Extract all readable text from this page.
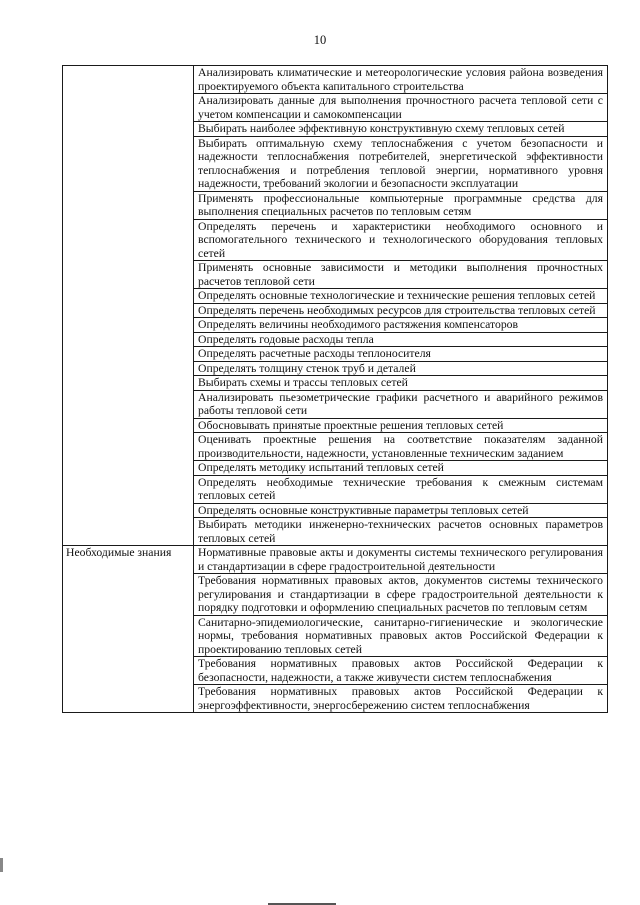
10
	Анализировать климатические и метеорологические условия района возведения проектируемого объекта капитального строительства
	Анализировать данные для выполнения прочностного расчета тепловой сети с учетом компенсации и самокомпенсации
	Выбирать наиболее эффективную конструктивную схему тепловых сетей
	Выбирать оптимальную схему теплоснабжения с учетом безопасности и надежности теплоснабжения потребителей, энергетической эффективности теплоснабжения и потребления тепловой энергии, нормативного уровня надежности, требований экологии и безопасности эксплуатации
	Применять профессиональные компьютерные программные средства для выполнения специальных расчетов по тепловым сетям
	Определять перечень и характеристики необходимого основного и вспомогательного технического и технологического оборудования тепловых сетей
	Применять основные зависимости и методики выполнения прочностных расчетов тепловой сети
	Определять основные технологические и технические решения тепловых сетей
	Определять перечень необходимых ресурсов для строительства тепловых сетей
	Определять величины необходимого растяжения компенсаторов
	Определять годовые расходы тепла
	Определять расчетные расходы теплоносителя
	Определять толщину стенок труб и деталей
	Выбирать схемы и трассы тепловых сетей
	Анализировать пьезометрические графики расчетного и аварийного режимов работы тепловой сети
	Обосновывать принятые проектные решения тепловых сетей
	Оценивать проектные решения на соответствие показателям заданной производительности, надежности, установленные техническим заданием
	Определять методику испытаний тепловых сетей
	Определять необходимые технические требования к смежным системам тепловых сетей
	Определять основные конструктивные параметры тепловых сетей
	Выбирать методики инженерно-технических расчетов основных параметров тепловых сетей
Необходимые знания	Нормативные правовые акты и документы системы технического регулирования и стандартизации в сфере градостроительной деятельности
	Требования нормативных правовых актов, документов системы технического регулирования и стандартизации в сфере градостроительной деятельности к порядку подготовки и оформлению специальных расчетов по тепловым сетям
	Санитарно-эпидемиологические, санитарно-гигиенические и экологические нормы, требования нормативных правовых актов Российской Федерации к проектированию тепловых сетей
	Требования нормативных правовых актов Российской Федерации к безопасности, надежности, а также живучести систем теплоснабжения
	Требования нормативных правовых актов Российской Федерации к энергоэффективности, энергосбережению систем теплоснабжения
